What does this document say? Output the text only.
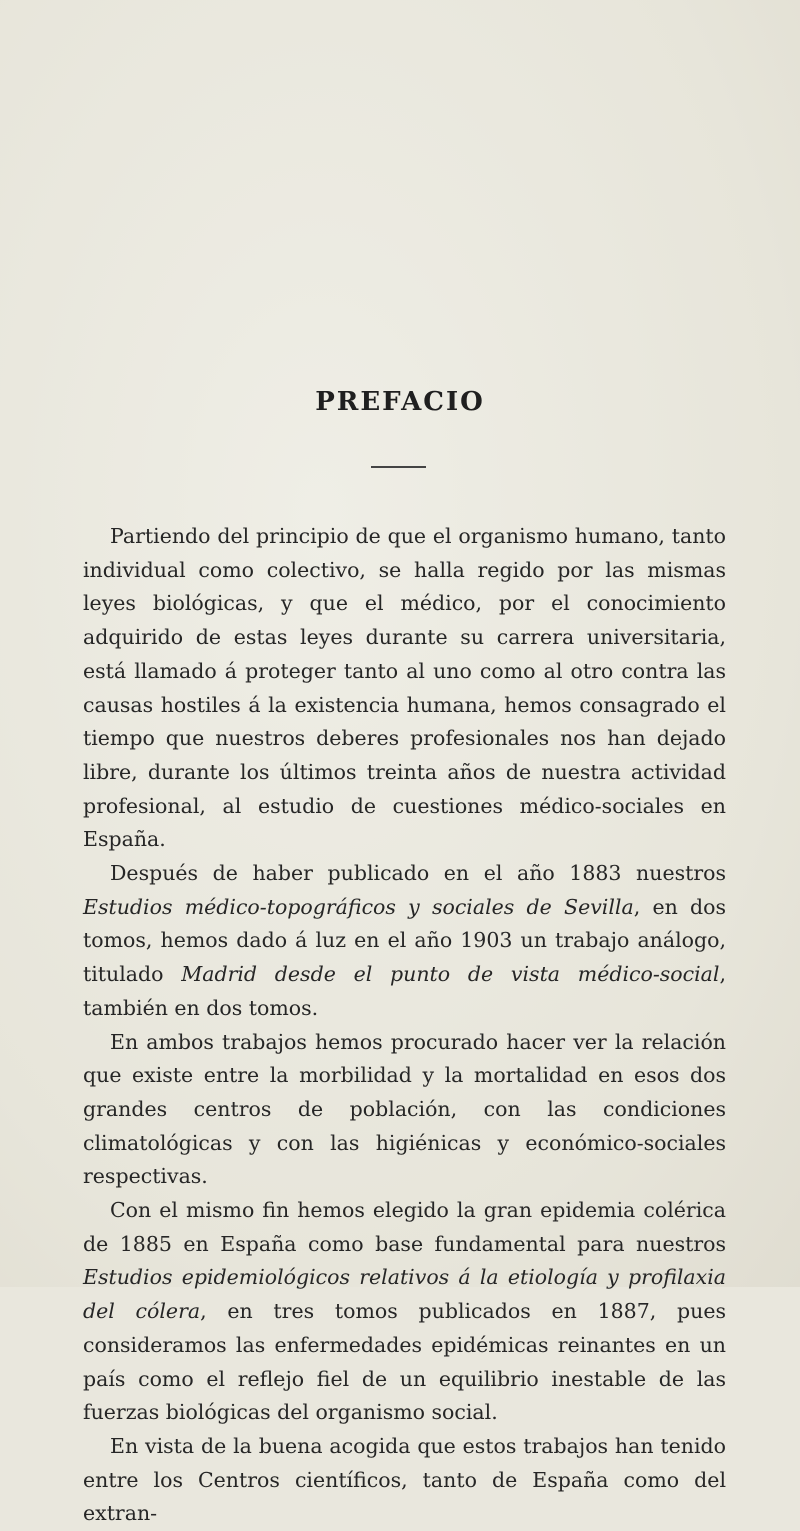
PREFACIO

Partiendo del principio de que el organismo humano, tanto individual como colectivo, se halla regido por las mismas leyes biológicas, y que el médico, por el conocimiento adquirido de estas leyes durante su carrera universitaria, está llamado á proteger tanto al uno como al otro contra las causas hostiles á la existencia humana, hemos consagrado el tiempo que nuestros deberes profesionales nos han dejado libre, durante los últimos treinta años de nuestra actividad profesional, al estudio de cuestiones médico-sociales en España.

Después de haber publicado en el año 1883 nuestros Estudios médico-topográficos y sociales de Sevilla, en dos tomos, hemos dado á luz en el año 1903 un trabajo análogo, titulado Madrid desde el punto de vista médico-social, también en dos tomos.

En ambos trabajos hemos procurado hacer ver la relación que existe entre la morbilidad y la mortalidad en esos dos grandes centros de población, con las condiciones climatológicas y con las higiénicas y económico-sociales respectivas.

Con el mismo fin hemos elegido la gran epidemia colérica de 1885 en España como base fundamental para nuestros Estudios epidemiológicos relativos á la etiología y profilaxia del cólera, en tres tomos publicados en 1887, pues consideramos las enfermedades epidémicas reinantes en un país como el reflejo fiel de un equilibrio inestable de las fuerzas biológicas del organismo social.

En vista de la buena acogida que estos trabajos han tenido entre los Centros científicos, tanto de España como del extran-
